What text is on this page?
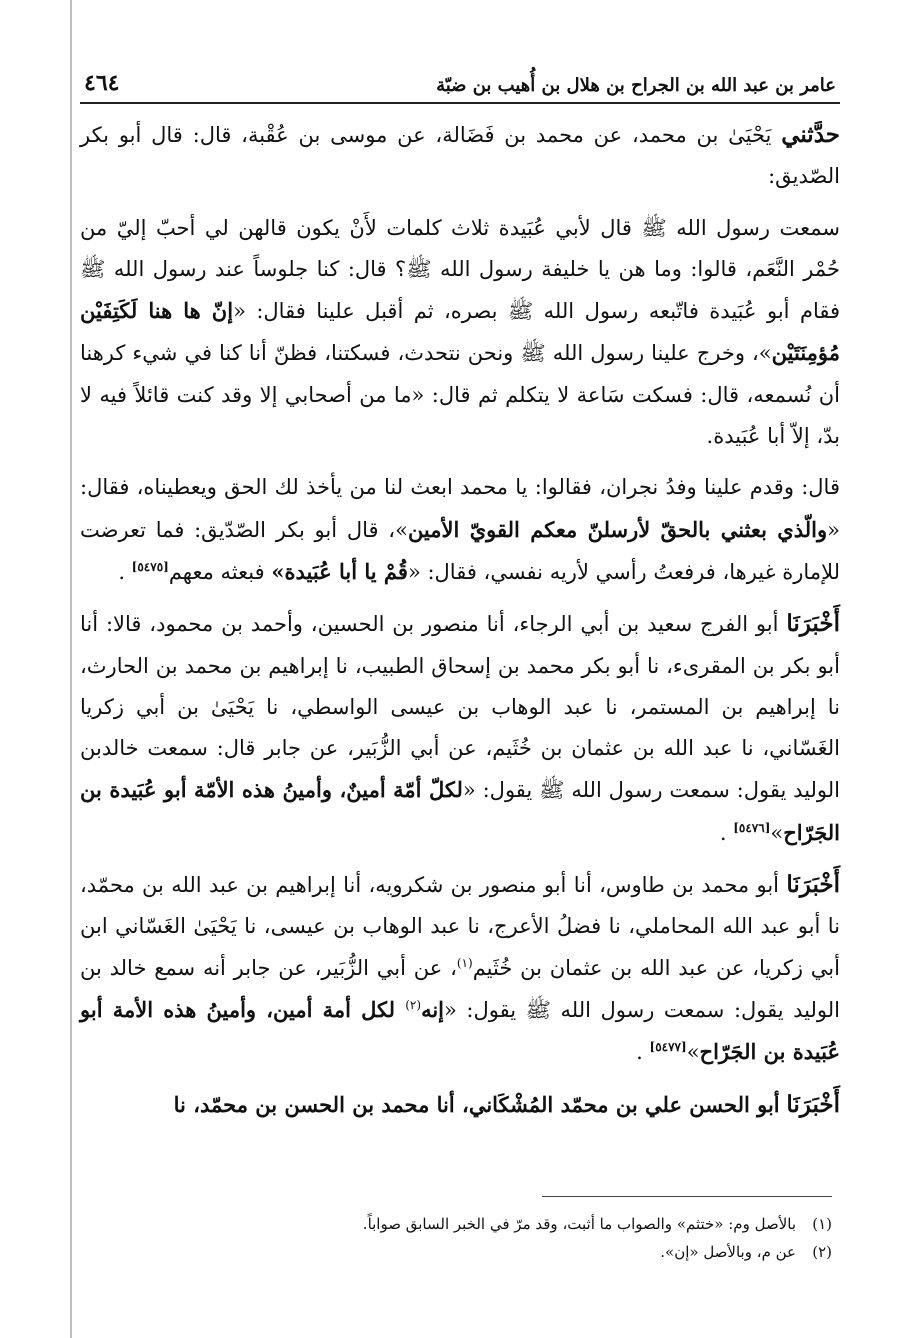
عامر بن عبد الله بن الجراح بن هلال بن أُهيب بن ضبّة
٤٦٤

حدَّثني يَحْيَىٰ بن محمد، عن محمد بن فَضَالة، عن موسى بن عُقْبة، قال: قال أبو بكر الصّديق:

سمعت رسول الله ﷺ قال لأبي عُبَيدة ثلاث كلمات لأَنْ يكون قالهن لي أحبّ إليّ من حُمْر النَّعَم، قالوا: وما هن يا خليفة رسول الله ﷺ؟ قال: كنا جلوساً عند رسول الله ﷺ فقام أبو عُبَيدة فاتّبعه رسول الله ﷺ بصره، ثم أقبل علينا فقال: «إنّ ها هنا لَكَتِفَيْن مُؤمِنَتَيْن»، وخرج علينا رسول الله ﷺ ونحن نتحدث، فسكتنا، فظنّ أنا كنا في شيء كرهنا أن نُسمعه، قال: فسكت سَاعة لا يتكلم ثم قال: «ما من أصحابي إلا وقد كنت قائلاً فيه لا بدّ، إلاّ أبا عُبَيدة.

قال: وقدم علينا وفدُ نجران، فقالوا: يا محمد ابعث لنا من يأخذ لك الحق ويعطيناه، فقال: «والّذي بعثني بالحقّ لأرسلنّ معكم القويّ الأمين»، قال أبو بكر الصّدّيق: فما تعرضت للإمارة غيرها، فرفعتُ رأسي لأريه نفسي، فقال: «قُمْ يا أبا عُبَيدة» فبعثه معهم[٥٤٧٥] .

أَخْبَرَنَا أبو الفرج سعيد بن أبي الرجاء، أنا منصور بن الحسين، وأحمد بن محمود، قالا: أنا أبو بكر بن المقرىء، نا أبو بكر محمد بن إسحاق الطبيب، نا إبراهيم بن محمد بن الحارث، نا إبراهيم بن المستمر، نا عبد الوهاب بن عيسى الواسطي، نا يَحْيَىٰ بن أبي زكريا الغَسّاني، نا عبد الله بن عثمان بن خُثَيم، عن أبي الزُّبَير، عن جابر قال: سمعت خالدبن الوليد يقول: سمعت رسول الله ﷺ يقول: «لكلّ أمّة أمينٌ، وأمينُ هذه الأمّة أبو عُبَيدة بن الجَرّاح»[٥٤٧٦] .

أَخْبَرَنَا أبو محمد بن طاوس، أنا أبو منصور بن شكرويه، أنا إبراهيم بن عبد الله بن محمّد، نا أبو عبد الله المحاملي، نا فضلُ الأعرج، نا عبد الوهاب بن عيسى، نا يَحْيَىٰ الغَسّاني ابن أبي زكريا، عن عبد الله بن عثمان بن خُثَيم$^{(١)}$، عن أبي الزُّبَير، عن جابر أنه سمع خالد بن الوليد يقول: سمعت رسول الله ﷺ يقول: «إنه$^{(٢)}$ لكل أمة أمين، وأمينُ هذه الأمة أبو عُبَيدة بن الجَرّاح»[٥٤٧٧] .

أَخْبَرَنَا أبو الحسن علي بن محمّد المُشْكَاني، أنا محمد بن الحسن بن محمّد، نا

(١)بالأصل وم: «ختثم» والصواب ما أثبت، وقد مرّ في الخبر السابق صواباً.
(٢)عن م، وبالأصل «إن».
